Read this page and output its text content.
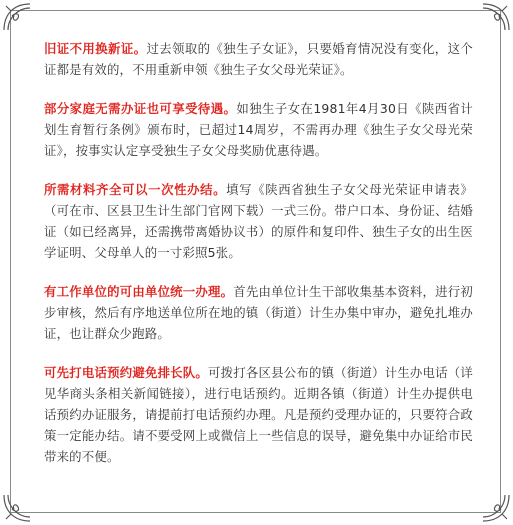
旧证不用换新证。过去领取的《独生子女证》，只要婚育情况没有变化，这个证都是有效的，不用重新申领《独生子女父母光荣证》。

部分家庭无需办证也可享受待遇。如独生子女在1981年4月30日《陕西省计划生育暂行条例》颁布时，已超过14周岁，不需再办理《独生子女父母光荣证》，按事实认定享受独生子女父母奖励优惠待遇。

所需材料齐全可以一次性办结。填写《陕西省独生子女父母光荣证申请表》（可在市、区县卫生计生部门官网下载）一式三份。带户口本、身份证、结婚证（如已经离异，还需携带离婚协议书）的原件和复印件、独生子女的出生医学证明、父母单人的一寸彩照5张。

有工作单位的可由单位统一办理。首先由单位计生干部收集基本资料，进行初步审核，然后有序地送单位所在地的镇（街道）计生办集中审办，避免扎堆办证，也让群众少跑路。

可先打电话预约避免排长队。可拨打各区县公布的镇（街道）计生办电话（详见华商头条相关新闻链接），进行电话预约。近期各镇（街道）计生办提供电话预约办证服务，请提前打电话预约办理。凡是预约受理办证的，只要符合政策一定能办结。请不要受网上或微信上一些信息的误导，避免集中办证给市民带来的不便。
